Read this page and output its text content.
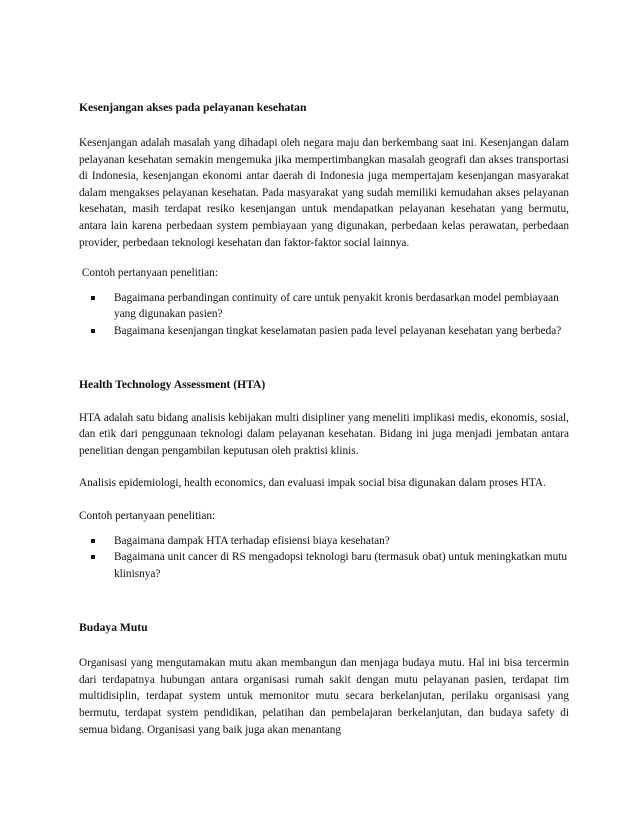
Kesenjangan akses pada pelayanan kesehatan

Kesenjangan adalah masalah yang dihadapi oleh negara maju dan berkembang saat ini. Kesenjangan dalam pelayanan kesehatan semakin mengemuka jika mempertimbangkan masalah geografi dan akses transportasi di Indonesia, kesenjangan ekonomi antar daerah di Indonesia juga mempertajam kesenjangan masyarakat dalam mengakses pelayanan kesehatan. Pada masyarakat yang sudah memiliki kemudahan akses pelayanan kesehatan, masih terdapat resiko kesenjangan untuk mendapatkan pelayanan kesehatan yang bermutu, antara lain karena perbedaan system pembiayaan yang digunakan, perbedaan kelas perawatan, perbedaan provider, perbedaan teknologi kesehatan dan faktor-faktor social lainnya.

Contoh pertanyaan penelitian:

Bagaimana perbandingan continuity of care untuk penyakit kronis berdasarkan model pembiayaan yang digunakan pasien?
Bagaimana kesenjangan tingkat keselamatan pasien pada level pelayanan kesehatan yang berbeda?
Health Technology Assessment (HTA)

HTA adalah satu bidang analisis kebijakan multi disipliner yang meneliti implikasi medis, ekonomis, sosial, dan etik dari penggunaan teknologi dalam pelayanan kesehatan. Bidang ini juga menjadi jembatan antara penelitian dengan pengambilan keputusan oleh praktisi klinis.

Analisis epidemiologi, health economics, dan evaluasi impak social bisa digunakan dalam proses HTA.

Contoh pertanyaan penelitian:

Bagaimana dampak HTA terhadap efisiensi biaya kesehatan?
Bagaimana unit cancer di RS mengadopsi teknologi baru (termasuk obat) untuk meningkatkan mutu klinisnya?
Budaya Mutu

Organisasi yang mengutamakan mutu akan membangun dan menjaga budaya mutu. Hal ini bisa tercermin dari terdapatnya hubungan antara organisasi rumah sakit dengan mutu pelayanan pasien, terdapat tim multidisiplin, terdapat system untuk memonitor mutu secara berkelanjutan, perilaku organisasi yang bermutu, terdapat system pendidikan, pelatihan dan pembelajaran berkelanjutan, dan budaya safety di semua bidang. Organisasi yang baik juga akan menantang
